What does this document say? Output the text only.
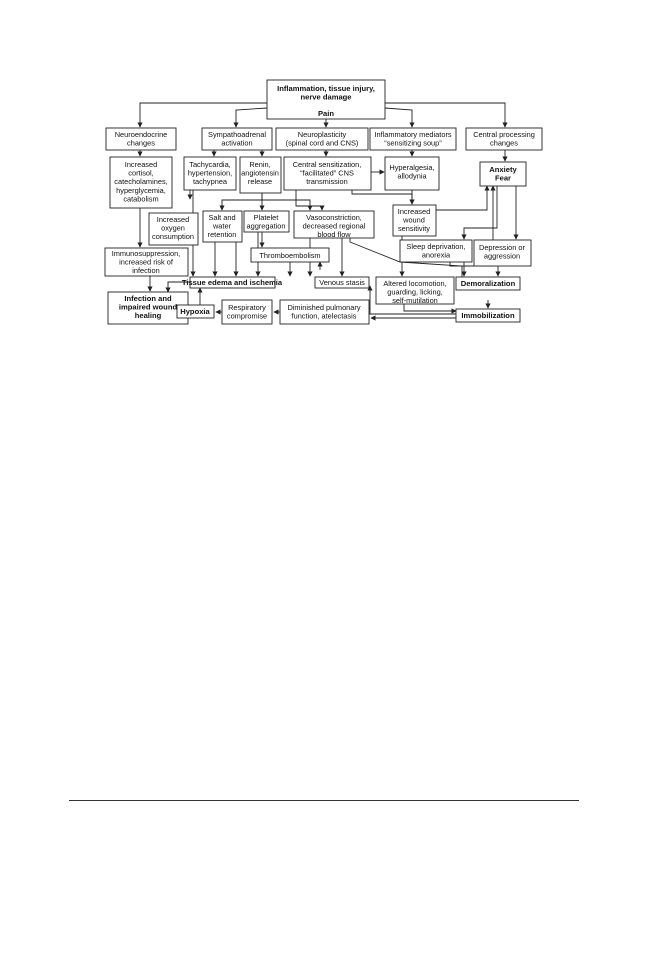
Inflammation, tissue injury, nerve damage
Pain
Neuroendocrine changes
Sympathoadrenal activation
Neuroplasticity (spinal cord and CNS)
Inflammatory mediators “sensitizing soup”
Central processing changes
Increased cortisol, catecholamines, hyperglycemia, catabolism
Tachycardia, hypertension, tachypnea
Renin, angiotensin release
Central sensitization, “facilitated” CNS transmission
Hyperalgesia, allodynia
Anxiety Fear
Increased oxygen consumption
Salt and water retention
Platelet aggregation
Vasoconstriction, decreased regional blood flow
Increased wound sensitivity
Immunosuppression, increased risk of infection
Thromboembolism
Sleep deprivation, anorexia
Depression or aggression
Tissue edema and ischemia	Venous stasis	Altered locomotion, guarding, licking, self-mutilation
Demoralization
Infection and impaired wound healing	Hypoxia Respiratory compromise
Diminished pulmonary function, atelectasis	Immobilization
